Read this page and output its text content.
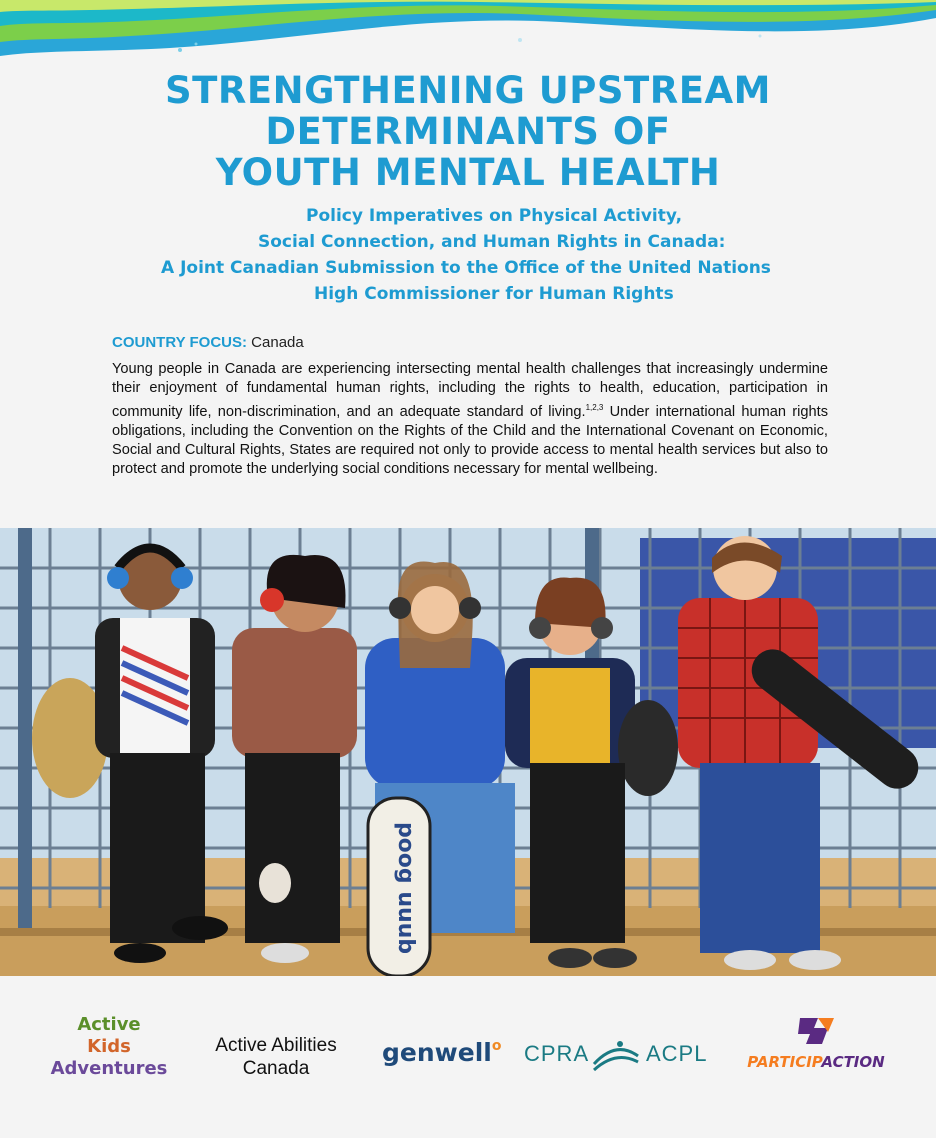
STRENGTHENING UPSTREAM
DETERMINANTS OF
YOUTH MENTAL HEALTH
Policy Imperatives on Physical Activity,
Social Connection, and Human Rights in Canada:
A Joint Canadian Submission to the Office of the United Nations
High Commissioner for Human Rights
COUNTRY FOCUS: Canada
Young people in Canada are experiencing intersecting mental health challenges that increasingly undermine their enjoyment of fundamental human rights, including the rights to health, education, participation in community life, non-discrimination, and an adequate standard of living.$^{1,2,3}$ Under international human rights obligations, including the Convention on the Rights of the Child and the International Covenant on Economic, Social and Cultural Rights, States are required not only to provide access to mental health services but also to protect and promote the underlying social conditions necessary for mental wellbeing.
poog uuub
Active
Kids
Adventures
Active Abilities
Canada
genwell$^o$ CPRA	ACPL	PARTICIPACTION
